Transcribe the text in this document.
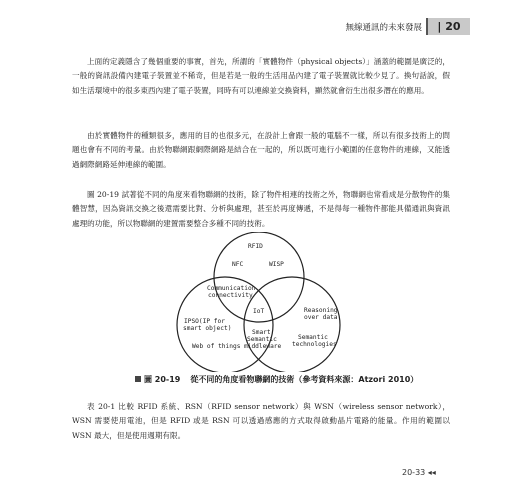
無線通訊的未來發展
|	20

上面的定義隱含了幾個重要的事實，首先，所謂的「實體物件（physical objects）」涵蓋的範圍是廣泛的，一般的資訊設備內建電子裝置並不稀奇，但是若是一般的生活用品內建了電子裝置就比較少見了。換句話說，假如生活環境中的很多東西內建了電子裝置，同時有可以連線並交換資料，顯然就會衍生出很多潛在的應用。

由於實體物件的種類很多，應用的目的也很多元，在設計上會跟一般的電腦不一樣，所以有很多技術上的問題也會有不同的考量。由於物聯網跟網際網路是結合在一起的，所以既可進行小範圍的任意物件的連線，又能透過網際網路延伸連線的範圍。

圖 20-19 試著從不同的角度來看物聯網的技術，除了物件相連的技術之外，物聯網也常看成是分散物件的集體智慧，因為資訊交換之後還需要比對、分析與處理，甚至於再度傳遞，不是得每一種物件都能具備通訊與資訊處理的功能，所以物聯網的建置需要整合多種不同的技術。

RFID
NFC	WISP
Communication
connectivity
IoT
IPSO(IP for
smart object)
Reasoning
over data
Smart
Semantic
middleware
Semantic
technologies
Web of things
圖 20-19 從不同的角度看物聯網的技術（參考資料來源：Atzori 2010）

表 20-1 比較 RFID 系統、RSN（RFID sensor network）與 WSN（wireless sensor network），WSN 需要使用電池，但是 RFID 或是 RSN 可以透過感應的方式取得啟動晶片電路的能量。作用的範圍以 WSN 最大，但是使用週期有限。

20-33 ◂◂
